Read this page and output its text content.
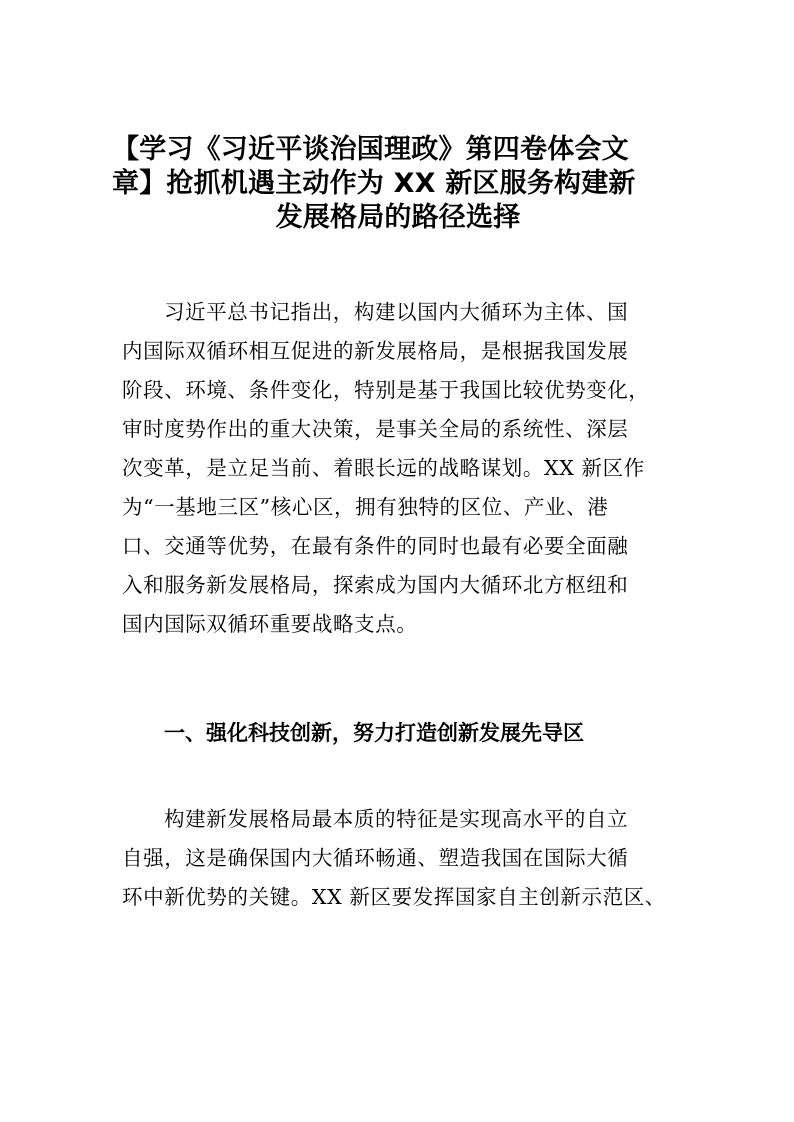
【学习《习近平谈治国理政》第四卷体会文
章】抢抓机遇主动作为 XX 新区服务构建新
发展格局的路径选择

习近平总书记指出，构建以国内大循环为主体、国
内国际双循环相互促进的新发展格局，是根据我国发展
阶段、环境、条件变化，特别是基于我国比较优势变化，
审时度势作出的重大决策，是事关全局的系统性、深层
次变革，是立足当前、着眼长远的战略谋划。XX 新区作
为“一基地三区”核心区，拥有独特的区位、产业、港
口、交通等优势，在最有条件的同时也最有必要全面融
入和服务新发展格局，探索成为国内大循环北方枢纽和
国内国际双循环重要战略支点。

一、强化科技创新，努力打造创新发展先导区

构建新发展格局最本质的特征是实现高水平的自立
自强，这是确保国内大循环畅通、塑造我国在国际大循
环中新优势的关键。XX 新区要发挥国家自主创新示范区、
